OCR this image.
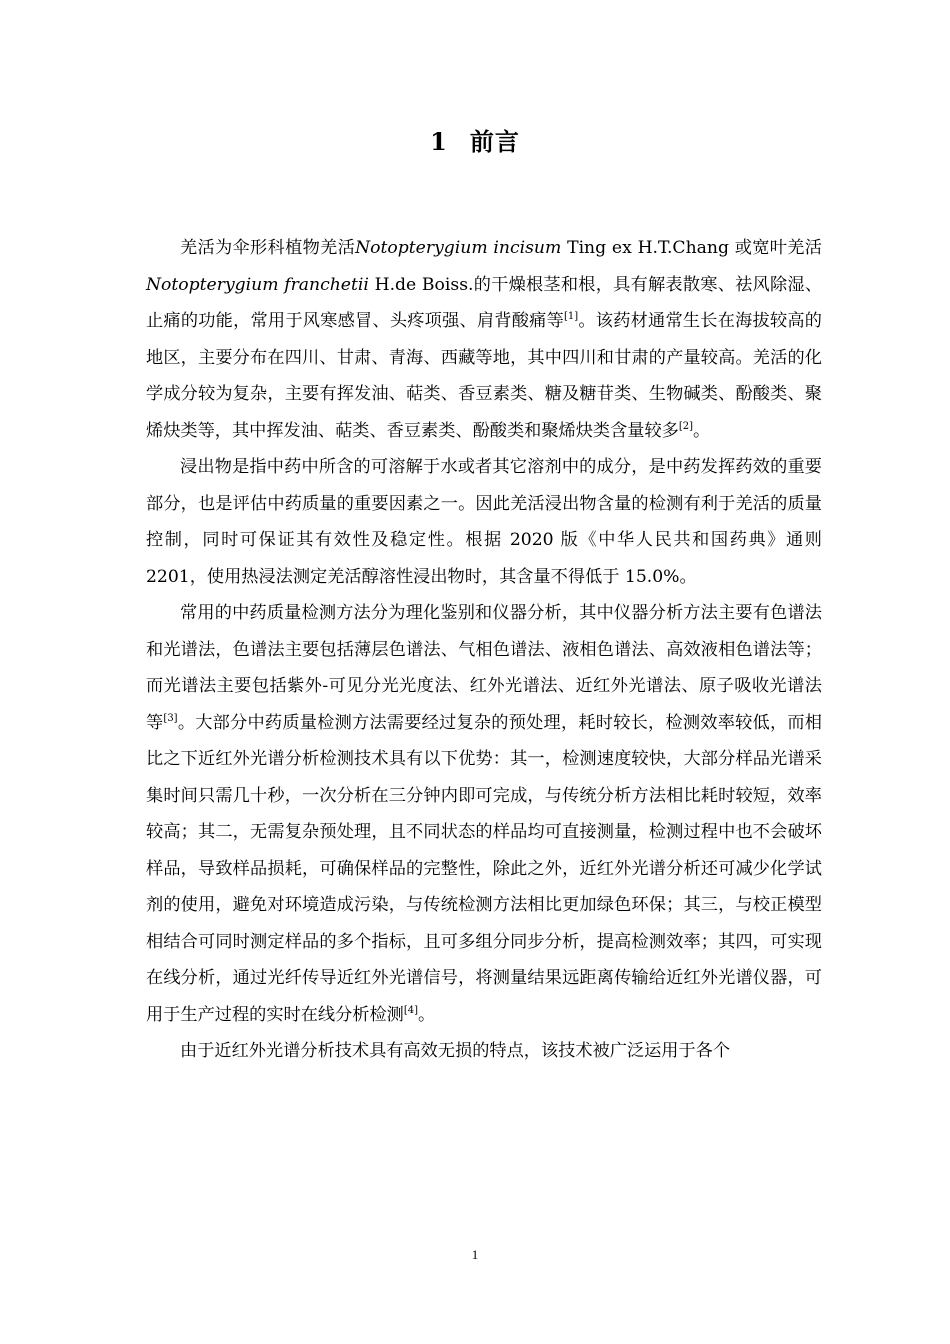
1 前言

羌活为伞形科植物羌活Notopterygium incisum Ting ex H.T.Chang 或宽叶羌活Notopterygium franchetii H.de Boiss.的干燥根茎和根，具有解表散寒、祛风除湿、止痛的功能，常用于风寒感冒、头疼项强、肩背酸痛等[1]。该药材通常生长在海拔较高的地区，主要分布在四川、甘肃、青海、西藏等地，其中四川和甘肃的产量较高。羌活的化学成分较为复杂，主要有挥发油、萜类、香豆素类、糖及糖苷类、生物碱类、酚酸类、聚烯炔类等，其中挥发油、萜类、香豆素类、酚酸类和聚烯炔类含量较多[2]。

浸出物是指中药中所含的可溶解于水或者其它溶剂中的成分，是中药发挥药效的重要部分，也是评估中药质量的重要因素之一。因此羌活浸出物含量的检测有利于羌活的质量控制，同时可保证其有效性及稳定性。根据 2020 版《中华人民共和国药典》通则 2201，使用热浸法测定羌活醇溶性浸出物时，其含量不得低于 15.0%。

常用的中药质量检测方法分为理化鉴别和仪器分析，其中仪器分析方法主要有色谱法和光谱法，色谱法主要包括薄层色谱法、气相色谱法、液相色谱法、高效液相色谱法等；而光谱法主要包括紫外-可见分光光度法、红外光谱法、近红外光谱法、原子吸收光谱法等[3]。大部分中药质量检测方法需要经过复杂的预处理，耗时较长，检测效率较低，而相比之下近红外光谱分析检测技术具有以下优势：其一，检测速度较快，大部分样品光谱采集时间只需几十秒，一次分析在三分钟内即可完成，与传统分析方法相比耗时较短，效率较高；其二，无需复杂预处理，且不同状态的样品均可直接测量，检测过程中也不会破坏样品，导致样品损耗，可确保样品的完整性，除此之外，近红外光谱分析还可减少化学试剂的使用，避免对环境造成污染，与传统检测方法相比更加绿色环保；其三，与校正模型相结合可同时测定样品的多个指标，且可多组分同步分析，提高检测效率；其四，可实现在线分析，通过光纤传导近红外光谱信号，将测量结果远距离传输给近红外光谱仪器，可用于生产过程的实时在线分析检测[4]。

由于近红外光谱分析技术具有高效无损的特点，该技术被广泛运用于各个

1
